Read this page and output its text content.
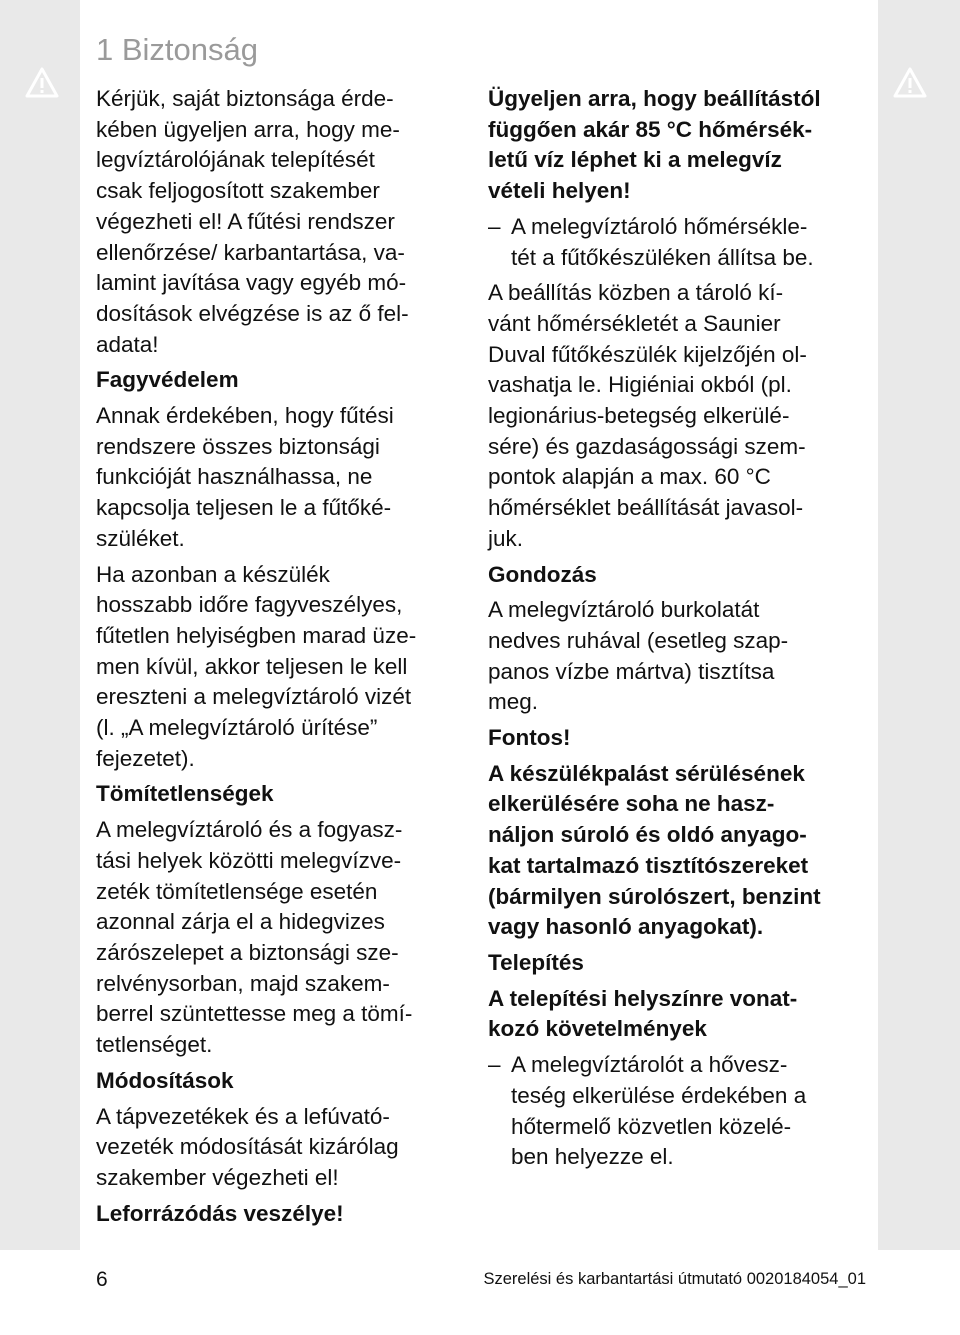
1 Biztonság

Kérjük, saját biztonsága érde-
kében ügyeljen arra, hogy me-
legvíztárolójának telepítését
csak feljogosított szakember
végezheti el! A fűtési rendszer
ellenőrzése/ karbantartása, va-
lamint javítása vagy egyéb mó-
dosítások elvégzése is az ő fel-
adata!

Fagyvédelem

Annak érdekében, hogy fűtési
rendszere összes biztonsági
funkcióját használhassa, ne
kapcsolja teljesen le a fűtőké-
szüléket.

Ha azonban a készülék
hosszabb időre fagyveszélyes,
fűtetlen helyiségben marad üze-
men kívül, akkor teljesen le kell
ereszteni a melegvíztároló vizét
(l. „A melegvíztároló ürítése”
fejezetet).

Tömítetlenségek

A melegvíztároló és a fogyasz-
tási helyek közötti melegvízve-
zeték tömítetlensége esetén
azonnal zárja el a hidegvizes
zárószelepet a biztonsági sze-
relvénysorban, majd szakem-
berrel szüntettesse meg a tömí-
tetlenséget.

Módosítások

A tápvezetékek és a lefúvató-
vezeték módosítását kizárólag
szakember végezheti el!

Leforrázódás veszélye!
Ügyeljen arra, hogy beállítástól
függően akár 85 °C hőmérsék-
letű víz léphet ki a melegvíz
vételi helyen!
– A melegvíztároló hőmérsékle-
tét a fűtőkészüléken állítsa be.

A beállítás közben a tároló kí-
vánt hőmérsékletét a Saunier
Duval fűtőkészülék kijelzőjén ol-
vashatja le. Higiéniai okból (pl.
legionárius-betegség elkerülé-
sére) és gazdaságossági szem-
pontok alapján a max. 60 °C
hőmérséklet beállítását javasol-
juk.

Gondozás

A melegvíztároló burkolatát
nedves ruhával (esetleg szap-
panos vízbe mártva) tisztítsa
meg.

Fontos!
A készülékpalást sérülésének
elkerülésére soha ne hasz-
náljon súroló és oldó anyago-
kat tartalmazó tisztítószereket
(bármilyen súrolószert, benzint
vagy hasonló anyagokat).
Telepítés
A telepítési helyszínre vonat-
kozó követelmények
– A melegvíztárolót a hővesz-
teség elkerülése érdekében a
hőtermelő közvetlen közelé-
ben helyezze el.
6	Szerelési és karbantartási útmutató 0020184054_01
